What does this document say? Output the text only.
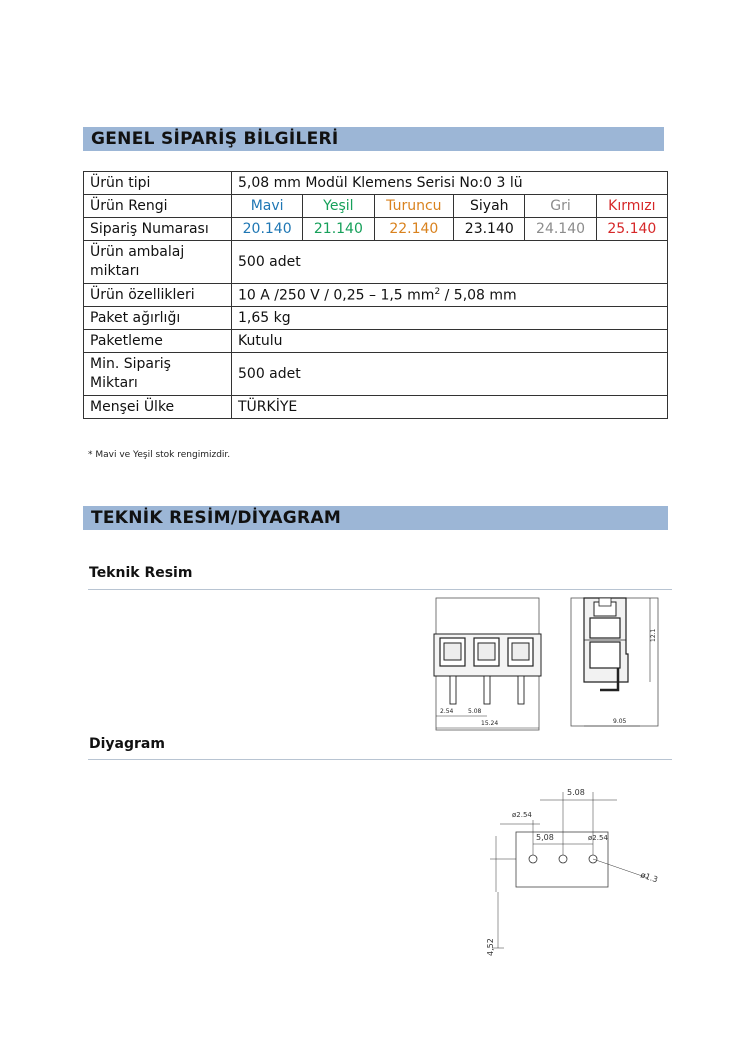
GENEL SİPARİŞ BİLGİLERİ
Ürün tipi	5,08 mm Modül Klemens Serisi No:0 3 lü					
Ürün Rengi	Mavi	Yeşil	Turuncu	Siyah	Gri	Kırmızı
Sipariş Numarası	20.140	21.140	22.140	23.140	24.140	25.140
Ürün ambalaj
miktarı	500 adet					
Ürün özellikleri	10 A /250 V / 0,25 – 1,5 $mm^2 / 5,08$ mm					
Paket ağırlığı	1,65 kg					
Paketleme	Kutulu					
Min. Sipariş
Miktarı	500 adet					
Menşei Ülke	TÜRKİYE					
* Mavi ve Yeşil stok rengimizdir.
TEKNİK RESİM/DİYAGRAM
Teknik Resim
2.54 5.08
15.24
12.1
9.05
Diyagram
5.08
ø2.54
5,08	ø2.54
ø1.3
4,52
